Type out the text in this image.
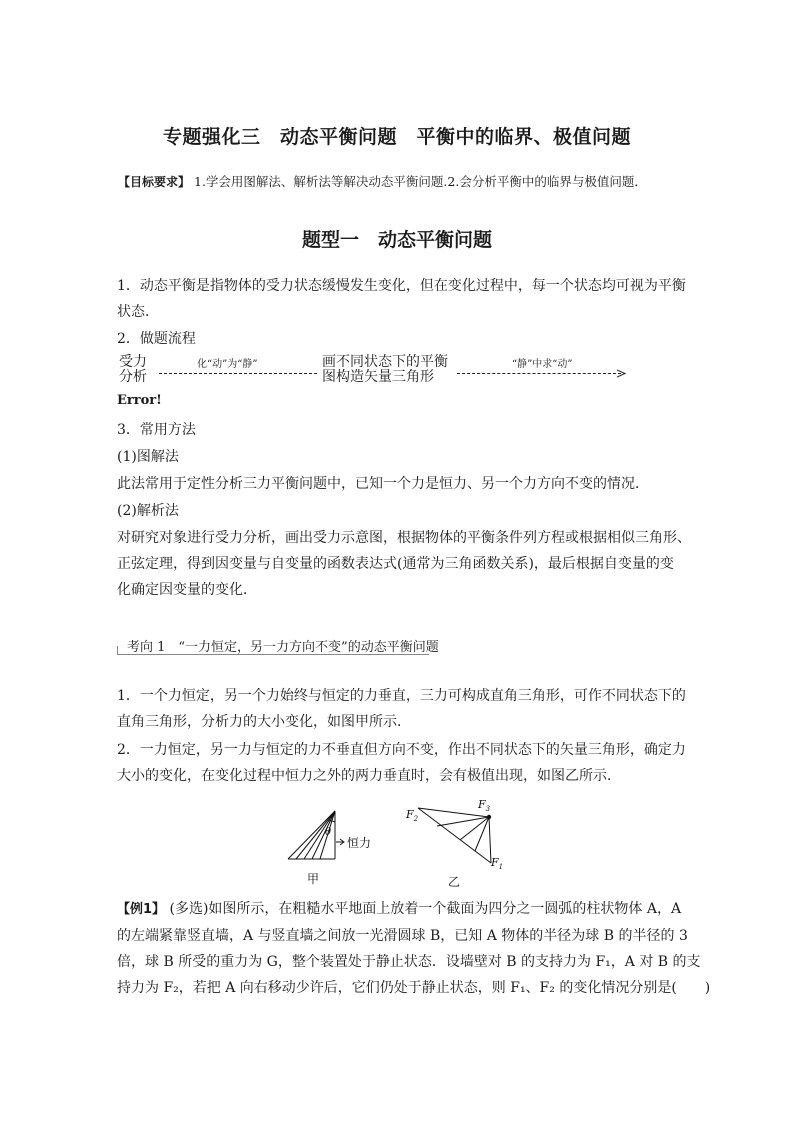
专题强化三　动态平衡问题　平衡中的临界、极值问题
【目标要求】 1.学会用图解法、解析法等解决动态平衡问题.2.会分析平衡中的临界与极值问题．
题型一　动态平衡问题
1．动态平衡是指物体的受力状态缓慢发生变化，但在变化过程中，每一个状态均可视为平衡
状态．
2．做题流程
受力
分析
化“动”为“静”	画不同状态下的平衡
图构造矢量三角形
“静”中求“动”
Error!
3．常用方法
(1)图解法
此法常用于定性分析三力平衡问题中，已知一个力是恒力、另一个力方向不变的情况．
(2)解析法
对研究对象进行受力分析，画出受力示意图，根据物体的平衡条件列方程或根据相似三角形、
正弦定理，得到因变量与自变量的函数表达式(通常为三角函数关系)，最后根据自变量的变
化确定因变量的变化．
考向 1　“一力恒定，另一力方向不变”的动态平衡问题
1．一个力恒定，另一个力始终与恒定的力垂直，三力可构成直角三角形，可作不同状态下的
直角三角形，分析力的大小变化，如图甲所示．
2．一力恒定，另一力与恒定的力不垂直但方向不变，作出不同状态下的矢量三角形，确定力
大小的变化，在变化过程中恒力之外的两力垂直时，会有极值出现，如图乙所示．
θ
恒力
甲
$F_2$
$F_3$
$F_1$
乙
【例1】 (多选)如图所示，在粗糙水平地面上放着一个截面为四分之一圆弧的柱状物体 A，A
的左端紧靠竖直墙，A 与竖直墙之间放一光滑圆球 B，已知 A 物体的半径为球 B 的半径的 3
倍，球 B 所受的重力为 G，整个装置处于静止状态．设墙壁对 B 的支持力为 F₁，A 对 B 的支
持力为 F₂，若把 A 向右移动少许后，它们仍处于静止状态，则 F₁、F₂ 的变化情况分别是(　　)
